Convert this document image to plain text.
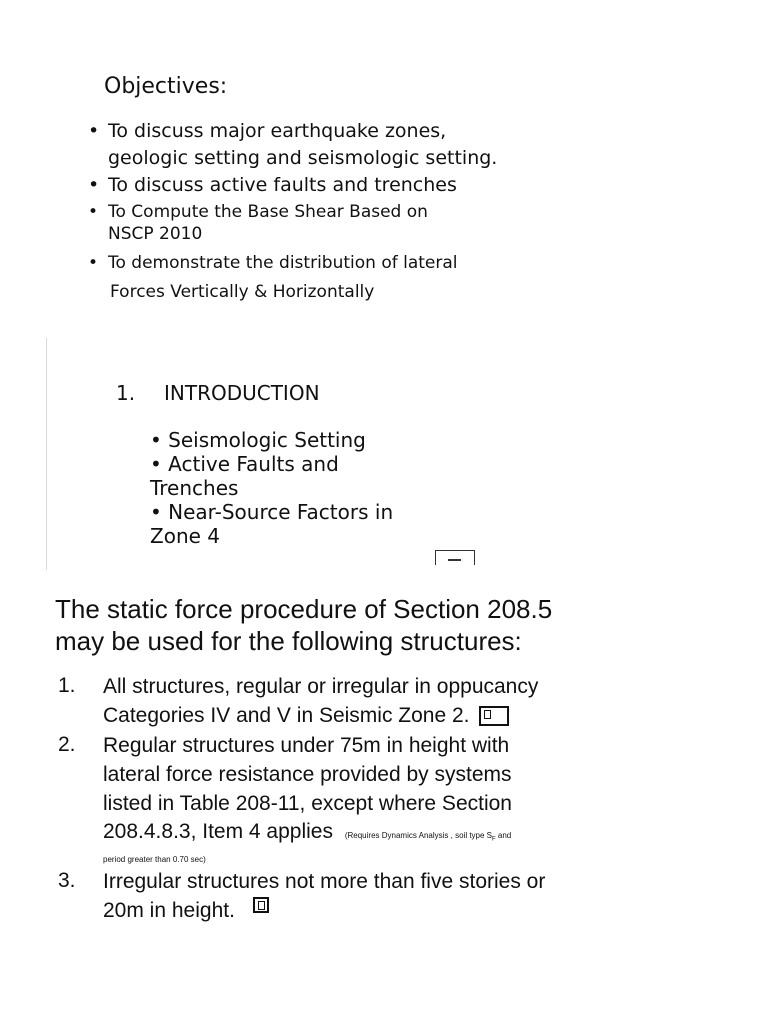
Objectives:
• To discuss major earthquake zones,
geologic setting and seismologic setting.
• To discuss active faults and trenches
• To Compute the Base Shear Based on
NSCP 2010
• To demonstrate the distribution of lateral
Forces Vertically & Horizontally
1. INTRODUCTION
• Seismologic Setting
• Active Faults and
Trenches
• Near-Source Factors in
Zone 4
The static force procedure of Section 208.5
may be used for the following structures:
1. All structures, regular or irregular in oppucancy
Categories IV and V in Seismic Zone 2.
2. Regular structures under 75m in height with
lateral force resistance provided by systems
listed in Table 208-11, except where Section
208.4.8.3, Item 4 applies (Requires Dynamics Analysis , soil type $S_F$ and
period greater than 0.70 sec)
3. Irregular structures not more than five stories or
20m in height.
